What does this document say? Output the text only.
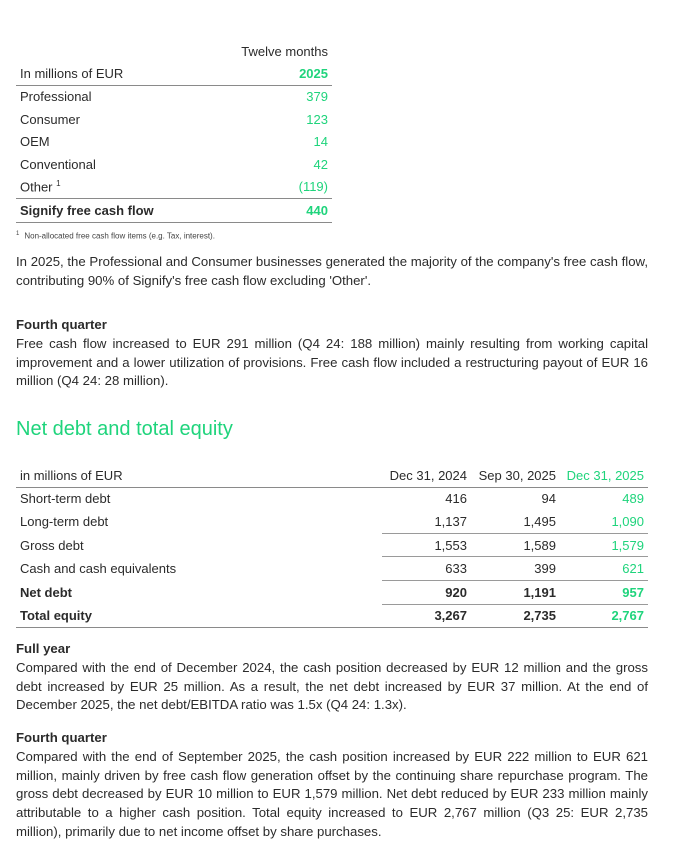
Twelve months	
In millions of EUR	2025
Professional	379
Consumer	123
OEM	14
Conventional	42
Other $^1$	(119)
Signify free cash flow	440
$^1$ Non-allocated free cash flow items (e.g. Tax, interest).

In 2025, the Professional and Consumer businesses generated the majority of the company's free cash flow, contributing 90% of Signify's free cash flow excluding 'Other'.

Fourth quarter
Free cash flow increased to EUR 291 million (Q4 24: 188 million) mainly resulting from working capital improvement and a lower utilization of provisions. Free cash flow included a restructuring payout of EUR 16 million (Q4 24: 28 million).
Net debt and total equity
in millions of EUR	Dec 31, 2024	Sep 30, 2025	Dec 31, 2025
Short-term debt	416	94	489
Long-term debt	1,137	1,495	1,090
Gross debt	1,553	1,589	1,579
Cash and cash equivalents	633	399	621
Net debt	920	1,191	957
Total equity	3,267	2,735	2,767
Full year
Compared with the end of December 2024, the cash position decreased by EUR 12 million and the gross debt increased by EUR 25 million. As a result, the net debt increased by EUR 37 million. At the end of December 2025, the net debt/EBITDA ratio was 1.5x (Q4 24: 1.3x).
Fourth quarter
Compared with the end of September 2025, the cash position increased by EUR 222 million to EUR 621 million, mainly driven by free cash flow generation offset by the continuing share repurchase program. The gross debt decreased by EUR 10 million to EUR 1,579 million. Net debt reduced by EUR 233 million mainly attributable to a higher cash position. Total equity increased to EUR 2,767 million (Q3 25: EUR 2,735 million), primarily due to net income offset by share purchases.
